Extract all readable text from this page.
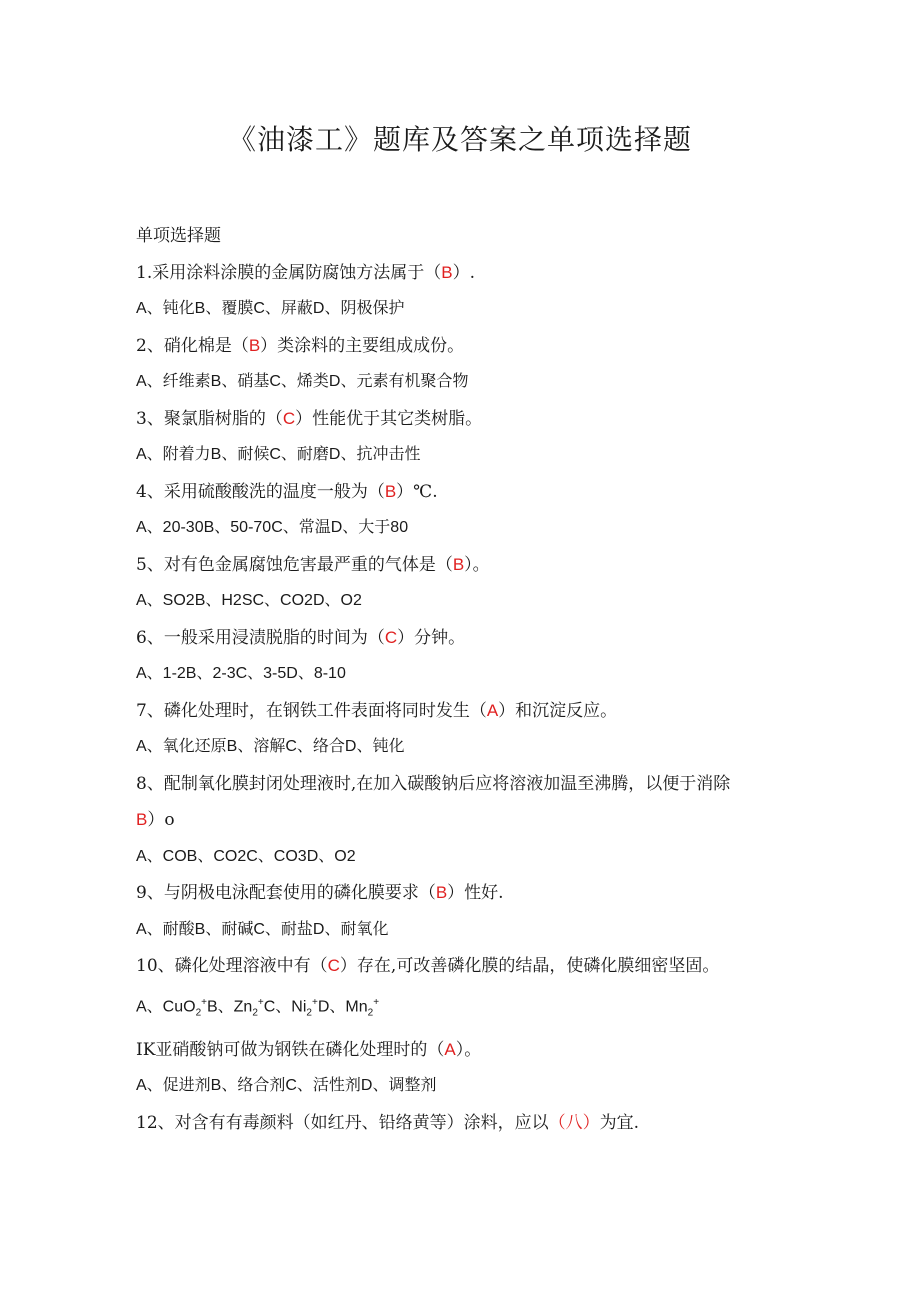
《油漆工》题库及答案之单项选择题
单项选择题
1.采用涂料涂膜的金属防腐蚀方法属于（B）.
A、钝化B、覆膜C、屏蔽D、阴极保护
2、硝化棉是（B）类涂料的主要组成成份。
A、纤维素B、硝基C、烯类D、元素有机聚合物
3、聚氯脂树脂的（C）性能优于其它类树脂。
A、附着力B、耐候C、耐磨D、抗冲击性
4、采用硫酸酸洗的温度一般为（B）℃.
A、20-30B、50-70C、常温D、大于80
5、对有色金属腐蚀危害最严重的气体是（B）。
A、SO2B、H2SC、CO2D、O2
6、一般采用浸渍脱脂的时间为（C）分钟。
A、1-2B、2-3C、3-5D、8-10
7、磷化处理时，在钢铁工件表面将同时发生（A）和沉淀反应。
A、氧化还原B、溶解C、络合D、钝化
8、配制氧化膜封闭处理液时,在加入碳酸钠后应将溶液加温至沸腾，以便于消除
B）o
A、COB、CO2C、CO3D、O2
9、与阴极电泳配套使用的磷化膜要求（B）性好.
A、耐酸B、耐碱C、耐盐D、耐氧化
10、磷化处理溶液中有（C）存在,可改善磷化膜的结晶，使磷化膜细密坚固。
A、CuO$_2$+B、$Zn_2^+C$、$Ni_2^+D$、$Mn_2^+$
IK亚硝酸钠可做为钢铁在磷化处理时的（A）。
A、促进剂B、络合剂C、活性剂D、调整剂
12、对含有有毒颜料（如红丹、铅络黄等）涂料，应以（八）为宜.
